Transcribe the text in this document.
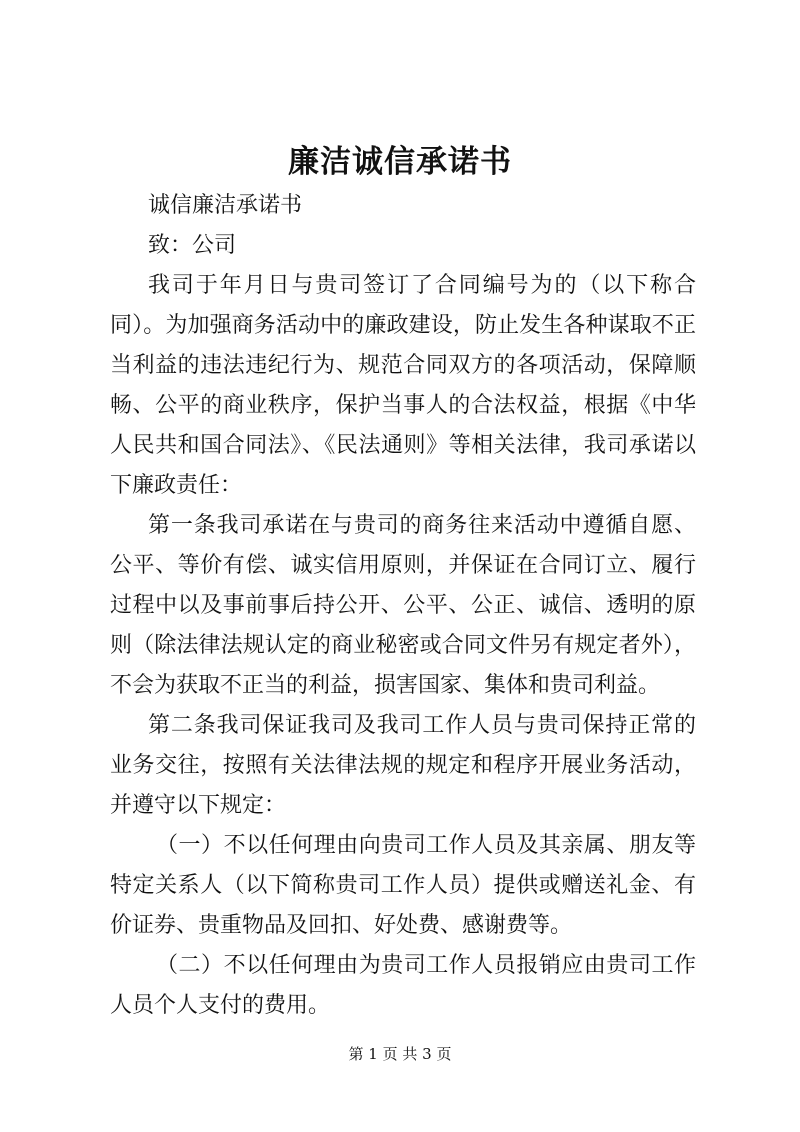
廉洁诚信承诺书

诚信廉洁承诺书

致：公司

我司于年月日与贵司签订了合同编号为的（以下称合同）。为加强商务活动中的廉政建设，防止发生各种谋取不正当利益的违法违纪行为、规范合同双方的各项活动，保障顺畅、公平的商业秩序，保护当事人的合法权益，根据《中华人民共和国合同法》、《民法通则》等相关法律，我司承诺以下廉政责任：

第一条我司承诺在与贵司的商务往来活动中遵循自愿、公平、等价有偿、诚实信用原则，并保证在合同订立、履行过程中以及事前事后持公开、公平、公正、诚信、透明的原则（除法律法规认定的商业秘密或合同文件另有规定者外），不会为获取不正当的利益，损害国家、集体和贵司利益。

第二条我司保证我司及我司工作人员与贵司保持正常的业务交往，按照有关法律法规的规定和程序开展业务活动，并遵守以下规定：

（一）不以任何理由向贵司工作人员及其亲属、朋友等特定关系人（以下简称贵司工作人员）提供或赠送礼金、有价证券、贵重物品及回扣、好处费、感谢费等。

（二）不以任何理由为贵司工作人员报销应由贵司工作人员个人支付的费用。

第 1 页 共 3 页
